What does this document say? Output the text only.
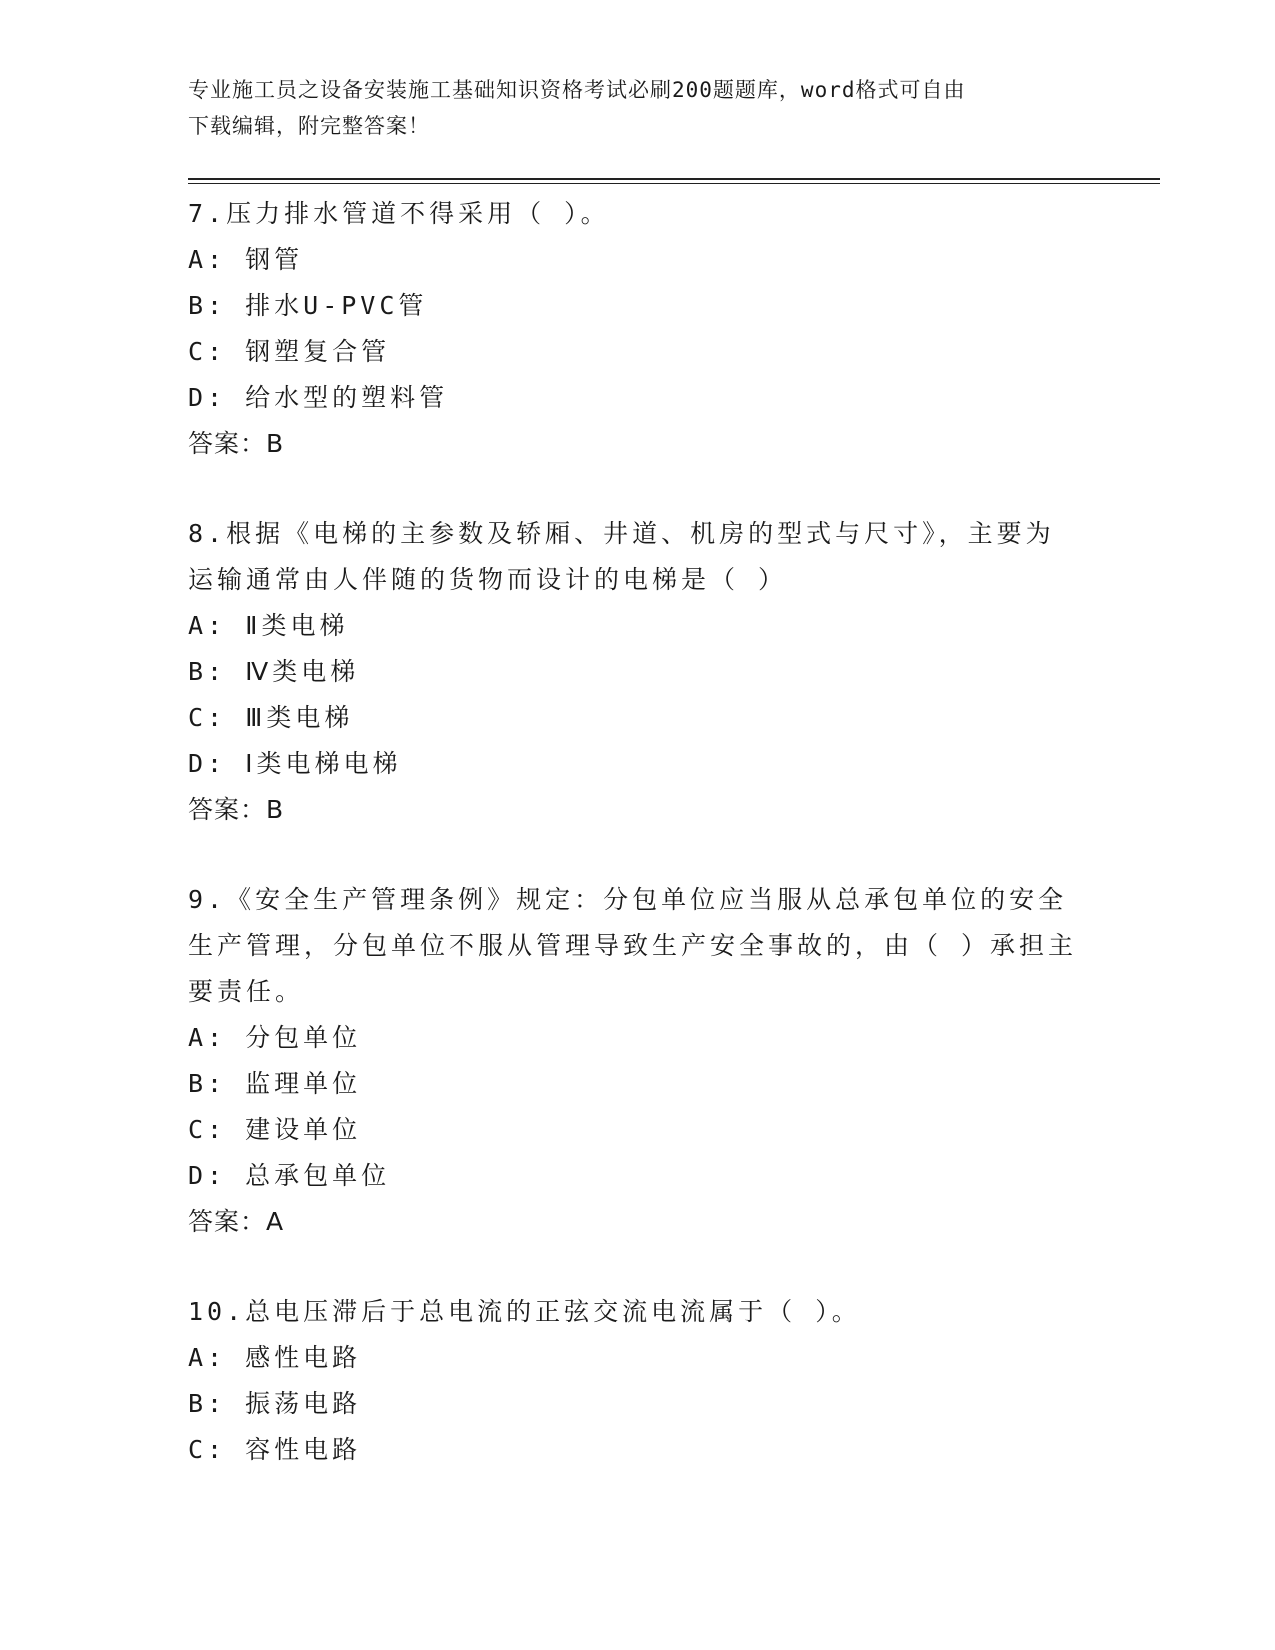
专业施工员之设备安装施工基础知识资格考试必刷200题题库，word格式可自由
下载编辑，附完整答案！
7.压力排水管道不得采用（ ）。
A: 钢管
B: 排水U-PVC管
C: 钢塑复合管
D: 给水型的塑料管
答案：B
8.根据《电梯的主参数及轿厢、井道、机房的型式与尺寸》，主要为
运输通常由人伴随的货物而设计的电梯是（ ）
A: Ⅱ类电梯
B: Ⅳ类电梯
C: Ⅲ类电梯
D: Ⅰ类电梯电梯
答案：B
9.《安全生产管理条例》规定：分包单位应当服从总承包单位的安全
生产管理，分包单位不服从管理导致生产安全事故的，由（ ）承担主
要责任。
A: 分包单位
B: 监理单位
C: 建设单位
D: 总承包单位
答案：A
10.总电压滞后于总电流的正弦交流电流属于（ ）。
A: 感性电路
B: 振荡电路
C: 容性电路
